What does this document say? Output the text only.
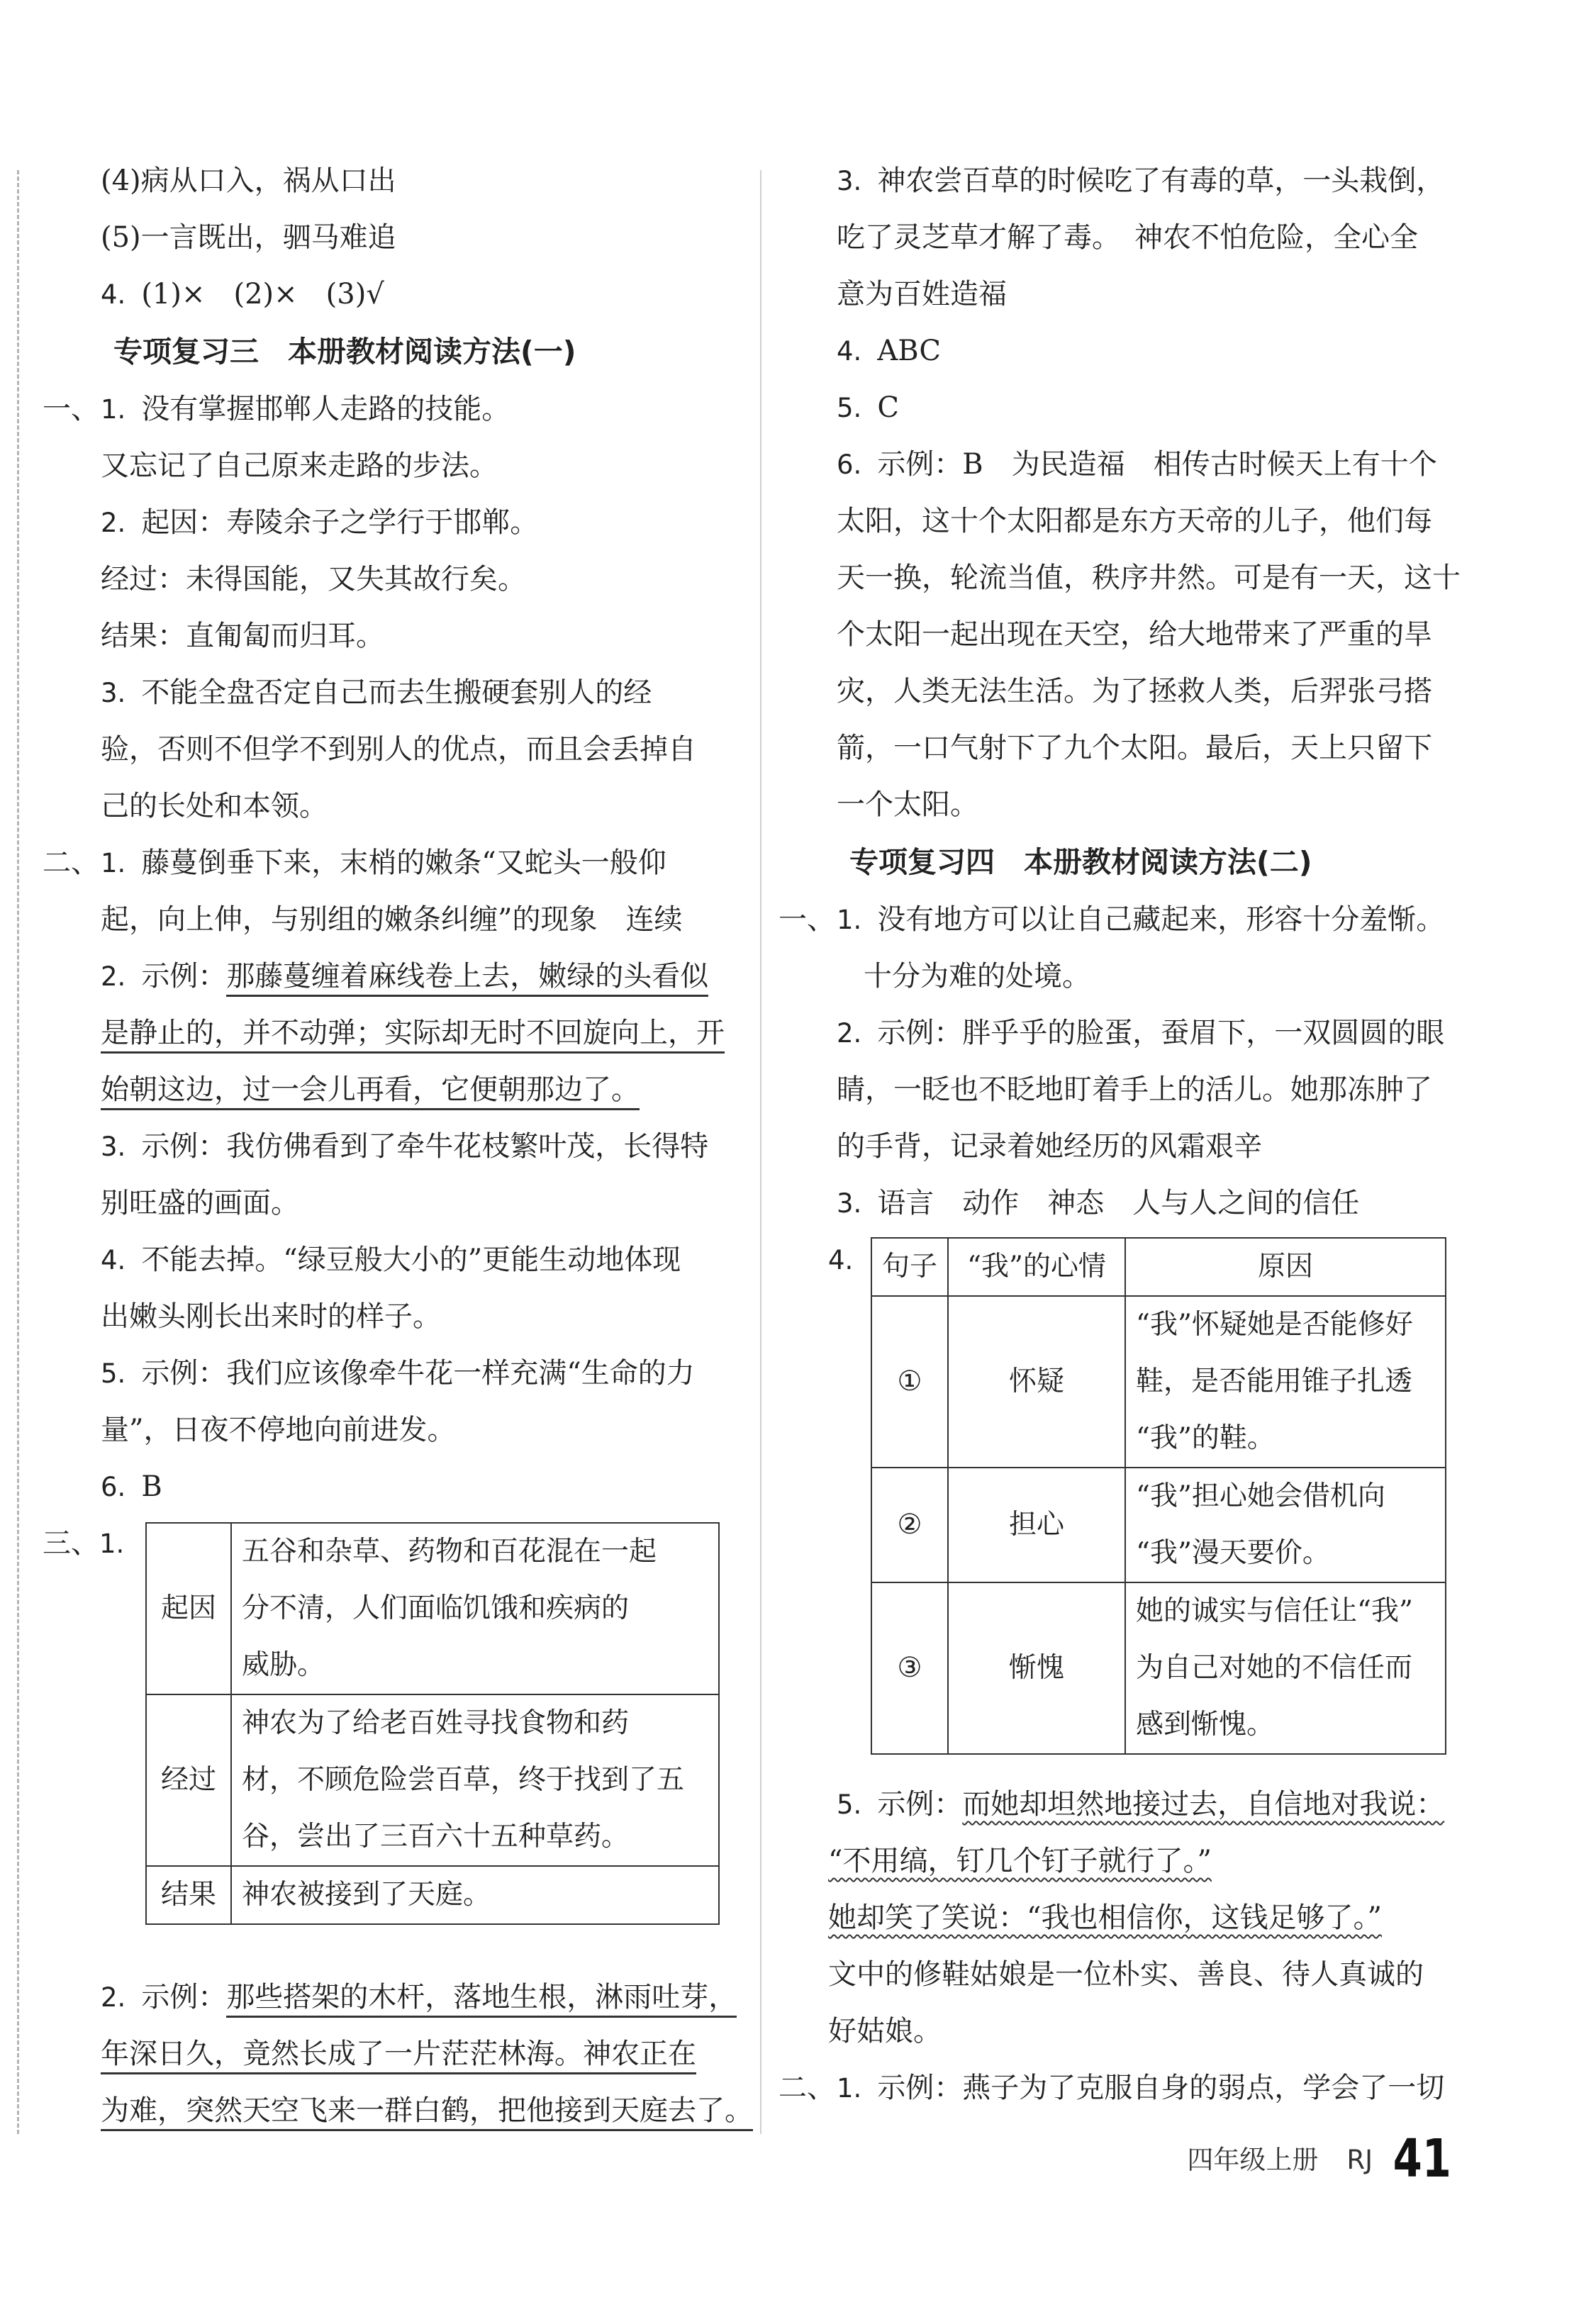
(4)病从口入，祸从口出
(5)一言既出，驷马难追
4. (1)×　(2)×　(3)√
专项复习三　本册教材阅读方法(一)
一、 1. 没有掌握邯郸人走路的技能。
又忘记了自己原来走路的步法。
2. 起因：寿陵余子之学行于邯郸。
经过：未得国能，又失其故行矣。
结果：直匍匐而归耳。
3. 不能全盘否定自己而去生搬硬套别人的经
验，否则不但学不到别人的优点，而且会丢掉自
己的长处和本领。
二、 1. 藤蔓倒垂下来，末梢的嫩条“又蛇头一般仰
起，向上伸，与别组的嫩条纠缠”的现象　连续
2. 示例：那藤蔓缠着麻线卷上去，嫩绿的头看似
是静止的，并不动弹；实际却无时不回旋向上，开
始朝这边，过一会儿再看，它便朝那边了。
3. 示例：我仿佛看到了牵牛花枝繁叶茂，长得特
别旺盛的画面。
4. 不能去掉。“绿豆般大小的”更能生动地体现
出嫩头刚长出来时的样子。
5. 示例：我们应该像牵牛花一样充满“生命的力
量”，日夜不停地向前进发。
6. B
三、1.
起因	五谷和杂草、药物和百花混在一起
分不清，人们面临饥饿和疾病的
威胁。

经过	神农为了给老百姓寻找食物和药
材，不顾危险尝百草，终于找到了五
谷，尝出了三百六十五种草药。

结果	神农被接到了天庭。
2. 示例：那些搭架的木杆，落地生根，淋雨吐芽，
年深日久，竟然长成了一片茫茫林海。神农正在
为难，突然天空飞来一群白鹤，把他接到天庭去了。
3. 神农尝百草的时候吃了有毒的草，一头栽倒，
吃了灵芝草才解了毒。　神农不怕危险，全心全
意为百姓造福
4. ABC
5. C
6. 示例：B　为民造福　相传古时候天上有十个
太阳，这十个太阳都是东方天帝的儿子，他们每
天一换，轮流当值，秩序井然。可是有一天，这十
个太阳一起出现在天空，给大地带来了严重的旱
灾，人类无法生活。为了拯救人类，后羿张弓搭
箭，一口气射下了九个太阳。最后，天上只留下
一个太阳。
专项复习四　本册教材阅读方法(二)
一、 1. 没有地方可以让自己藏起来，形容十分羞惭。
十分为难的处境。
2. 示例：胖乎乎的脸蛋，蚕眉下，一双圆圆的眼
睛，一眨也不眨地盯着手上的活儿。她那冻肿了
的手背，记录着她经历的风霜艰辛
3. 语言　动作　神态　人与人之间的信任
4.	句子	“我”的心情	原因
①	怀疑	“我”怀疑她是否能修好
鞋，是否能用锥子扎透
“我”的鞋。

②	担心	“我”担心她会借机向
“我”漫天要价。

③	惭愧	她的诚实与信任让“我”
为自己对她的不信任而
感到惭愧。
5. 示例：而她却坦然地接过去，自信地对我说：
“不用缟，钉几个钉子就行了。”
她却笑了笑说：“我也相信你，这钱足够了。”
文中的修鞋姑娘是一位朴实、善良、待人真诚的
好姑娘。
二、 1. 示例：燕子为了克服自身的弱点，学会了一切
四年级上册 RJ 41
